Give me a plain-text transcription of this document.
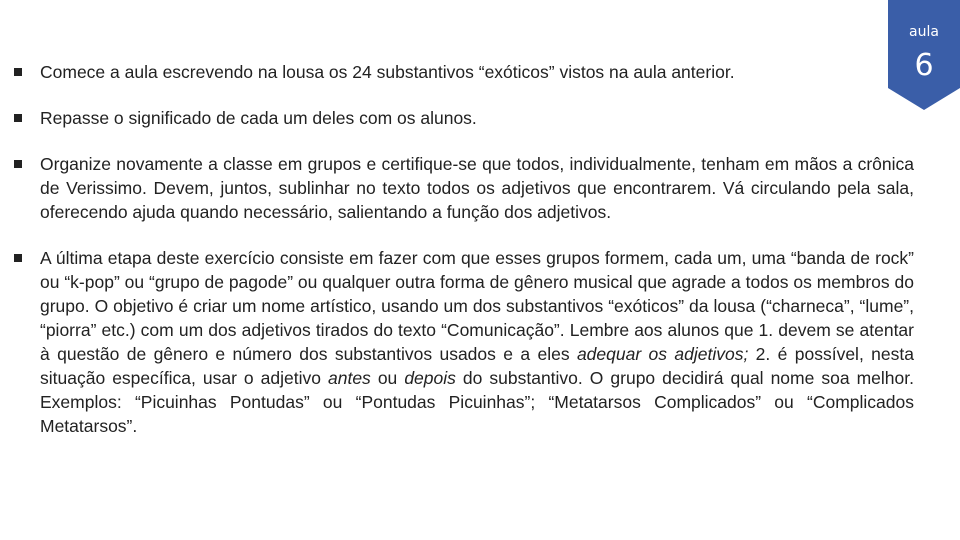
aula
6
Comece a aula escrevendo na lousa os 24 substantivos “exóticos” vistos na aula anterior.
Repasse o significado de cada um deles com os alunos.
Organize novamente a classe em grupos e certifique-se que todos, individualmente, tenham em mãos a crônica de Verissimo. Devem, juntos, sublinhar no texto todos os adjetivos que encontrarem. Vá circulando pela sala, oferecendo ajuda quando necessário, salientando a função dos adjetivos.
A última etapa deste exercício consiste em fazer com que esses grupos formem, cada um, uma “banda de rock” ou “k-pop” ou “grupo de pagode” ou qualquer outra forma de gênero musical que agrade a todos os membros do grupo. O objetivo é criar um nome artístico, usando um dos substantivos “exóticos” da lousa (“charneca”, “lume”, “piorra” etc.) com um dos adjetivos tirados do texto “Comunicação”. Lembre aos alunos que 1. devem se atentar à questão de gênero e número dos substantivos usados e a eles adequar os adjetivos; 2. é possível, nesta situação específica, usar o adjetivo antes ou depois do substantivo. O grupo decidirá qual nome soa melhor. Exemplos: “Picuinhas Pontudas” ou “Pontudas Picuinhas”; “Metatarsos Complicados” ou “Complicados Metatarsos”.
